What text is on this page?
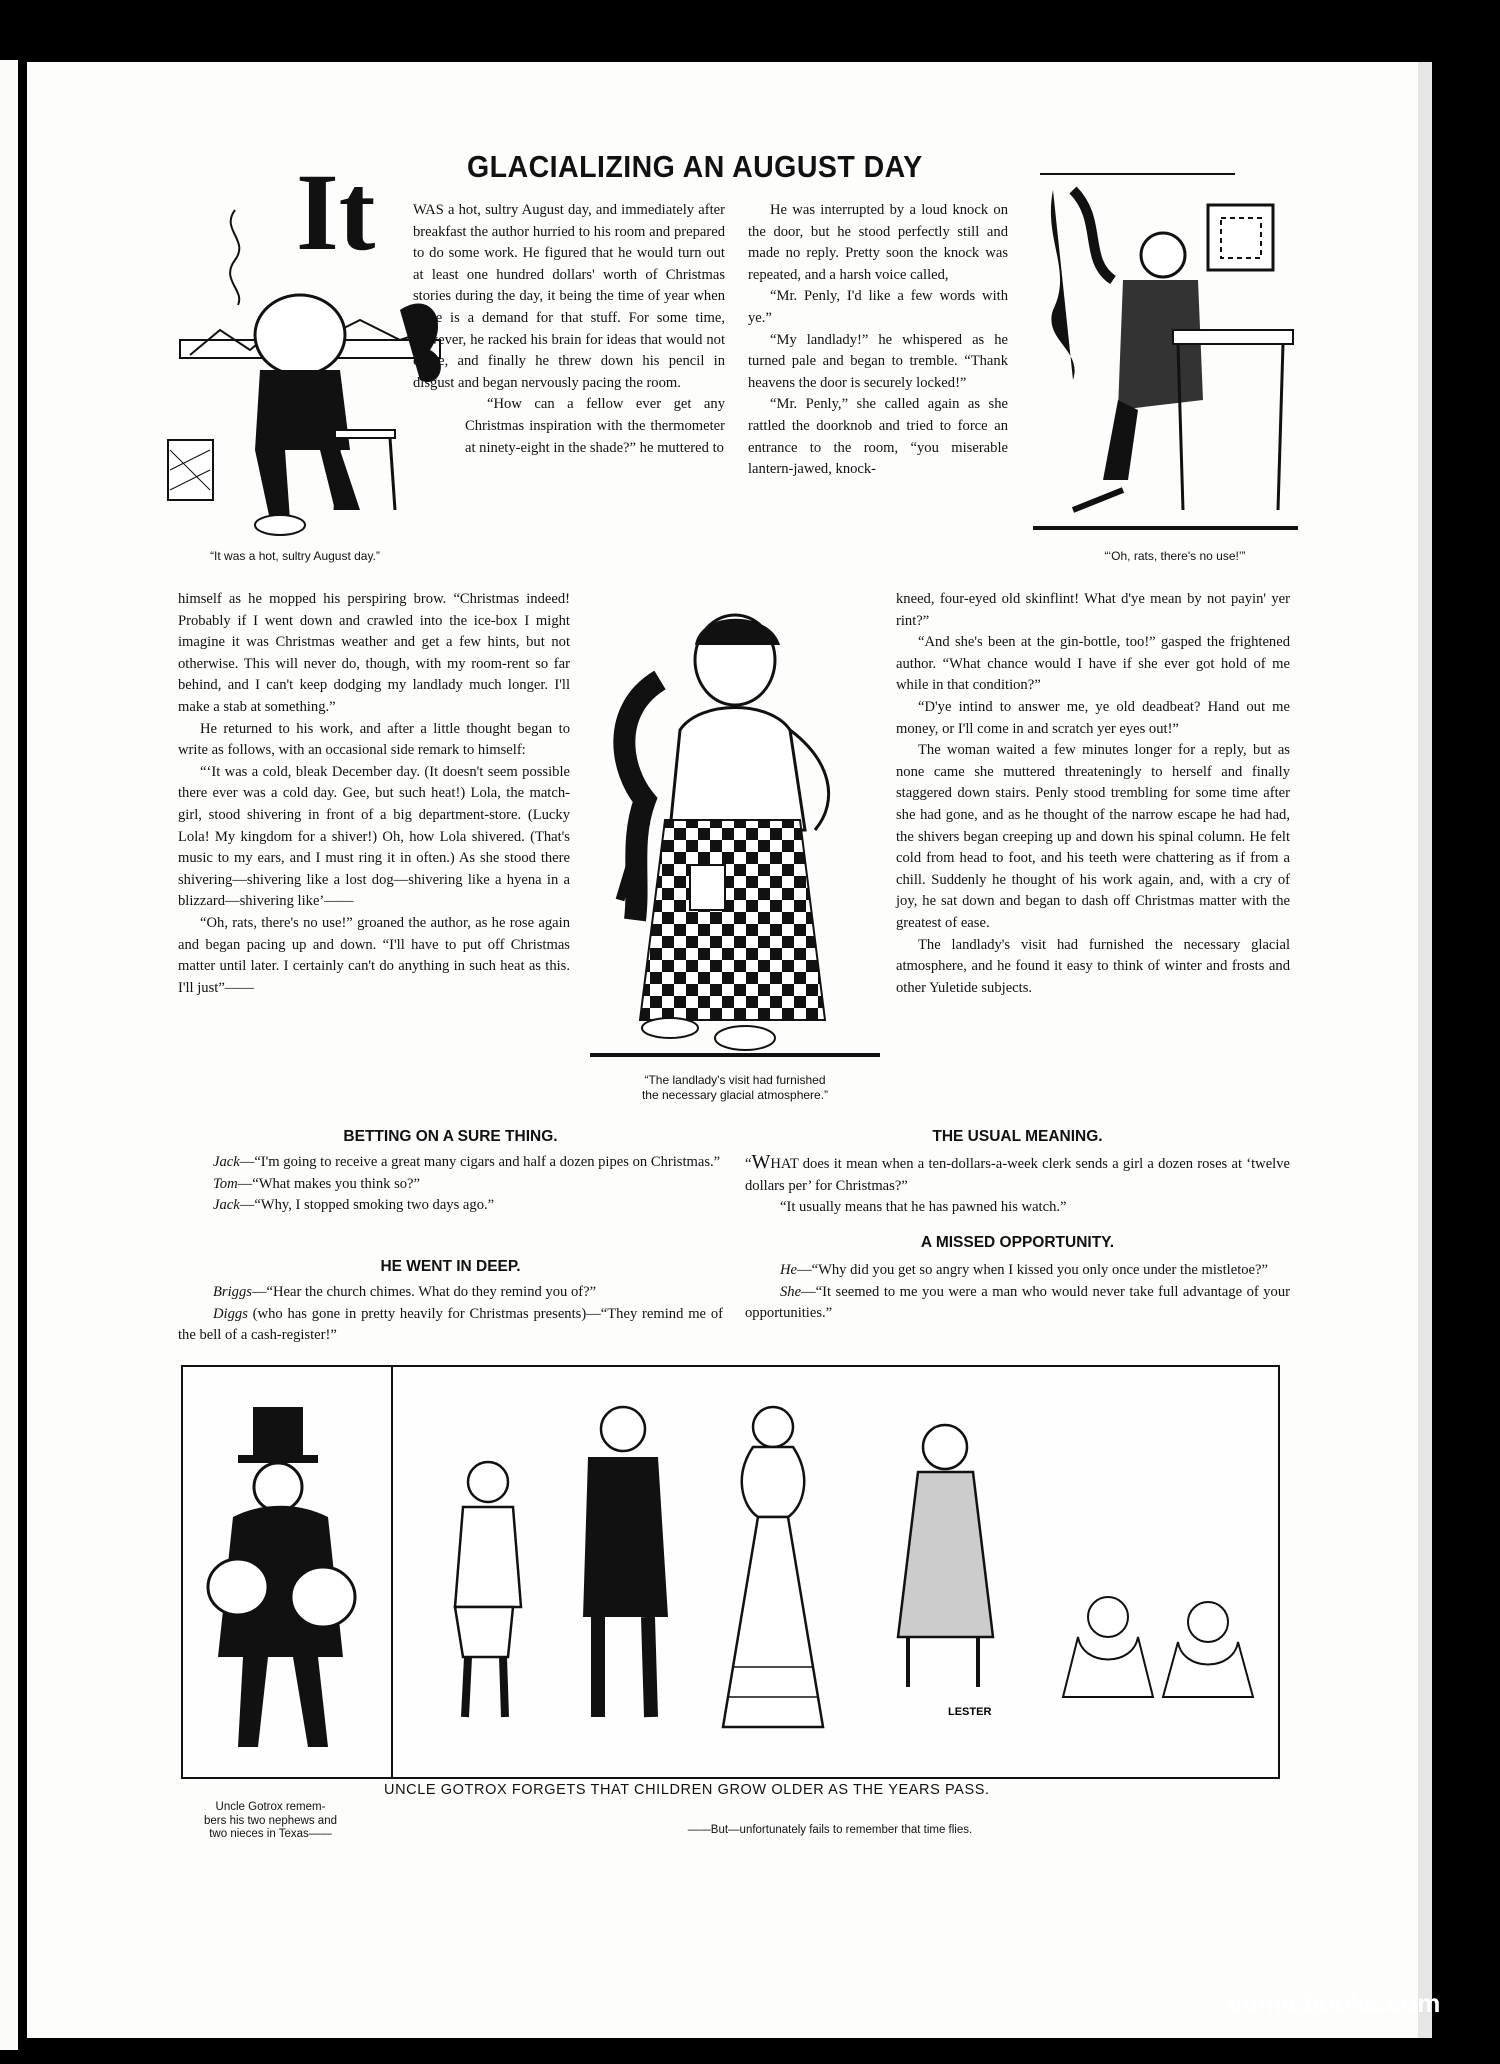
GLACIALIZING AN AUGUST DAY
It
“It was a hot, sultry August day.”	“‘Oh, rats, there's no use!’”

WAS a hot, sultry August day, and immediately after breakfast the author hurried to his room and prepared to do some work. He figured that he would turn out at least one hundred dollars' worth of Christmas stories during the day, it being the time of year when there is a demand for that stuff. For some time, however, he racked his brain for ideas that would not come, and finally he threw down his pencil in disgust and began nervously pacing the room.

“How can a fellow ever get any Christmas inspiration with the thermometer at ninety-eight in the shade?” he muttered to

He was interrupted by a loud knock on the door, but he stood perfectly still and made no reply. Pretty soon the knock was repeated, and a harsh voice called,

“Mr. Penly, I'd like a few words with ye.”

“My landlady!” he whispered as he turned pale and began to tremble. “Thank heavens the door is securely locked!”

“Mr. Penly,” she called again as she rattled the doorknob and tried to force an entrance to the room, “you miserable lantern-jawed, knock-

“The landlady's visit had furnished
the necessary glacial atmosphere.”

himself as he mopped his perspiring brow. “Christmas indeed! Probably if I went down and crawled into the ice-box I might imagine it was Christmas weather and get a few hints, but not otherwise. This will never do, though, with my room-rent so far behind, and I can't keep dodging my landlady much longer. I'll make a stab at something.”

He returned to his work, and after a little thought began to write as follows, with an occasional side remark to himself:

“‘It was a cold, bleak December day. (It doesn't seem possible there ever was a cold day. Gee, but such heat!) Lola, the match-girl, stood shivering in front of a big department-store. (Lucky Lola! My kingdom for a shiver!) Oh, how Lola shivered. (That's music to my ears, and I must ring it in often.) As she stood there shivering—shivering like a lost dog—shivering like a hyena in a blizzard—shivering like’——

“Oh, rats, there's no use!” groaned the author, as he rose again and began pacing up and down. “I'll have to put off Christmas matter until later. I certainly can't do anything in such heat as this. I'll just”——

kneed, four-eyed old skinflint! What d'ye mean by not payin' yer rint?”

“And she's been at the gin-bottle, too!” gasped the frightened author. “What chance would I have if she ever got hold of me while in that condition?”

“D'ye intind to answer me, ye old deadbeat? Hand out me money, or I'll come in and scratch yer eyes out!”

The woman waited a few minutes longer for a reply, but as none came she muttered threateningly to herself and finally staggered down stairs. Penly stood trembling for some time after she had gone, and as he thought of the narrow escape he had had, the shivers began creeping up and down his spinal column. He felt cold from head to foot, and his teeth were chattering as if from a chill. Suddenly he thought of his work again, and, with a cry of joy, he sat down and began to dash off Christmas matter with the greatest of ease.

The landlady's visit had furnished the necessary glacial atmosphere, and he found it easy to think of winter and frosts and other Yuletide subjects.

BETTING ON A SURE THING.

Jack—“I'm going to receive a great many cigars and half a dozen pipes on Christmas.”

Tom—“What makes you think so?”

Jack—“Why, I stopped smoking two days ago.”

HE WENT IN DEEP.

Briggs—“Hear the church chimes. What do they remind you of?”

Diggs (who has gone in pretty heavily for Christmas presents)—“They remind me of the bell of a cash-register!”

THE USUAL MEANING.

“WHAT does it mean when a ten-dollars-a-week clerk sends a girl a dozen roses at ‘twelve dollars per’ for Christmas?”

“It usually means that he has pawned his watch.”

A MISSED OPPORTUNITY.

He—“Why did you get so angry when I kissed you only once under the mistletoe?”

She—“It seemed to me you were a man who would never take full advantage of your opportunities.”

LESTER
UNCLE GOTROX FORGETS THAT CHILDREN GROW OLDER AS THE YEARS PASS.
Uncle Gotrox remem-
bers his two nephews and
two nieces in Texas——	——But—unfortunately fails to remember that time flies.
comicbooks.com
